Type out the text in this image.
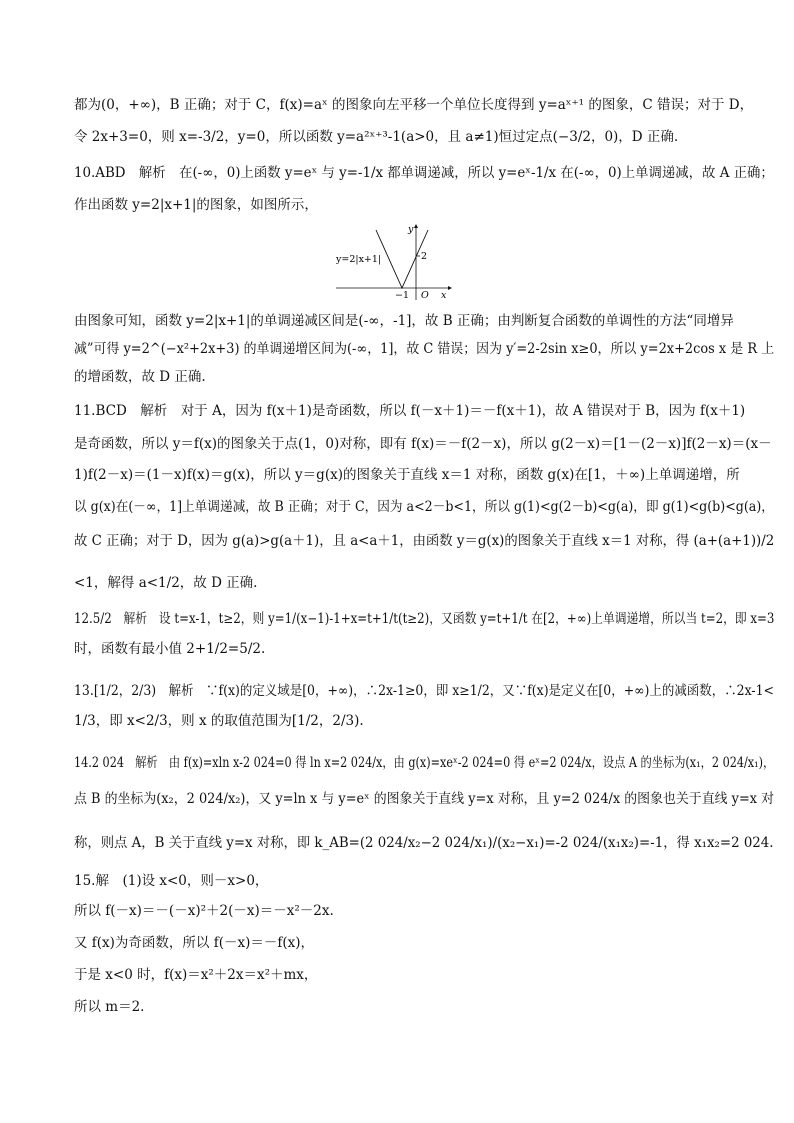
都为(0，+∞)，B 正确；对于 C，f(x)=aˣ 的图象向左平移一个单位长度得到 y=aˣ⁺¹ 的图象，C 错误；对于 D，
令 2x+3=0，则 x=-3/2，y=0，所以函数 y=a²ˣ⁺³-1(a>0，且 a≠1)恒过定点(−3/2，0)，D 正确.
10.ABD　解析　在(-∞，0)上函数 y=eˣ 与 y=-1/x 都单调递减，所以 y=eˣ-1/x 在(-∞，0)上单调递减，故 A 正确；
作出函数 y=2|x+1|的图象，如图所示，
y=2|x+1|
−1
2
O x
y
由图象可知，函数 y=2|x+1|的单调递减区间是(-∞，-1]，故 B 正确；由判断复合函数的单调性的方法“同增异
减”可得 y=2^(−x²+2x+3) 的单调递增区间为(-∞，1]，故 C 错误；因为 y′=2-2sin x≥0，所以 y=2x+2cos x 是 R 上
的增函数，故 D 正确.
11.BCD　解析　对于 A，因为 f(x＋1)是奇函数，所以 f(－x＋1)＝－f(x＋1)，故 A 错误对于 B，因为 f(x＋1)
是奇函数，所以 y＝f(x)的图象关于点(1，0)对称，即有 f(x)＝－f(2－x)，所以 g(2－x)＝[1－(2－x)]f(2－x)＝(x－
1)f(2－x)＝(1－x)f(x)＝g(x)，所以 y＝g(x)的图象关于直线 x＝1 对称，函数 g(x)在[1，＋∞)上单调递增，所
以 g(x)在(－∞，1]上单调递减，故 B 正确；对于 C，因为 a<2－b<1，所以 g(1)<g(2－b)<g(a)，即 g(1)<g(b)<g(a)，
故 C 正确；对于 D，因为 g(a)>g(a＋1)，且 a<a＋1，由函数 y＝g(x)的图象关于直线 x＝1 对称，得 (a+(a+1))/2
<1，解得 a<1/2，故 D 正确.
12.5/2　解析　设 t=x-1，t≥2，则 y=1/(x−1)-1+x=t+1/t(t≥2)，又函数 y=t+1/t 在[2，+∞)上单调递增，所以当 t=2，即 x=3
时，函数有最小值 2+1/2=5/2.
13.[1/2，2/3)　解析　∵f(x)的定义域是[0，+∞)，∴2x-1≥0，即 x≥1/2，又∵f(x)是定义在[0，+∞)上的减函数，∴2x-1<
1/3，即 x<2/3，则 x 的取值范围为[1/2，2/3).
14.2 024　解析　由 f(x)=xln x-2 024=0 得 ln x=2 024/x，由 g(x)=xeˣ-2 024=0 得 eˣ=2 024/x，设点 A 的坐标为(x₁，2 024/x₁)，
点 B 的坐标为(x₂，2 024/x₂)，又 y=ln x 与 y=eˣ 的图象关于直线 y=x 对称，且 y=2 024/x 的图象也关于直线 y=x 对
称，则点 A，B 关于直线 y=x 对称，即 k_AB=(2 024/x₂−2 024/x₁)/(x₂−x₁)=-2 024/(x₁x₂)=-1，得 x₁x₂=2 024.
15.解　(1)设 x<0，则－x>0，
所以 f(－x)＝－(－x)²＋2(－x)＝－x²－2x.
又 f(x)为奇函数，所以 f(－x)＝－f(x)，
于是 x<0 时，f(x)＝x²＋2x＝x²＋mx，
所以 m＝2.
